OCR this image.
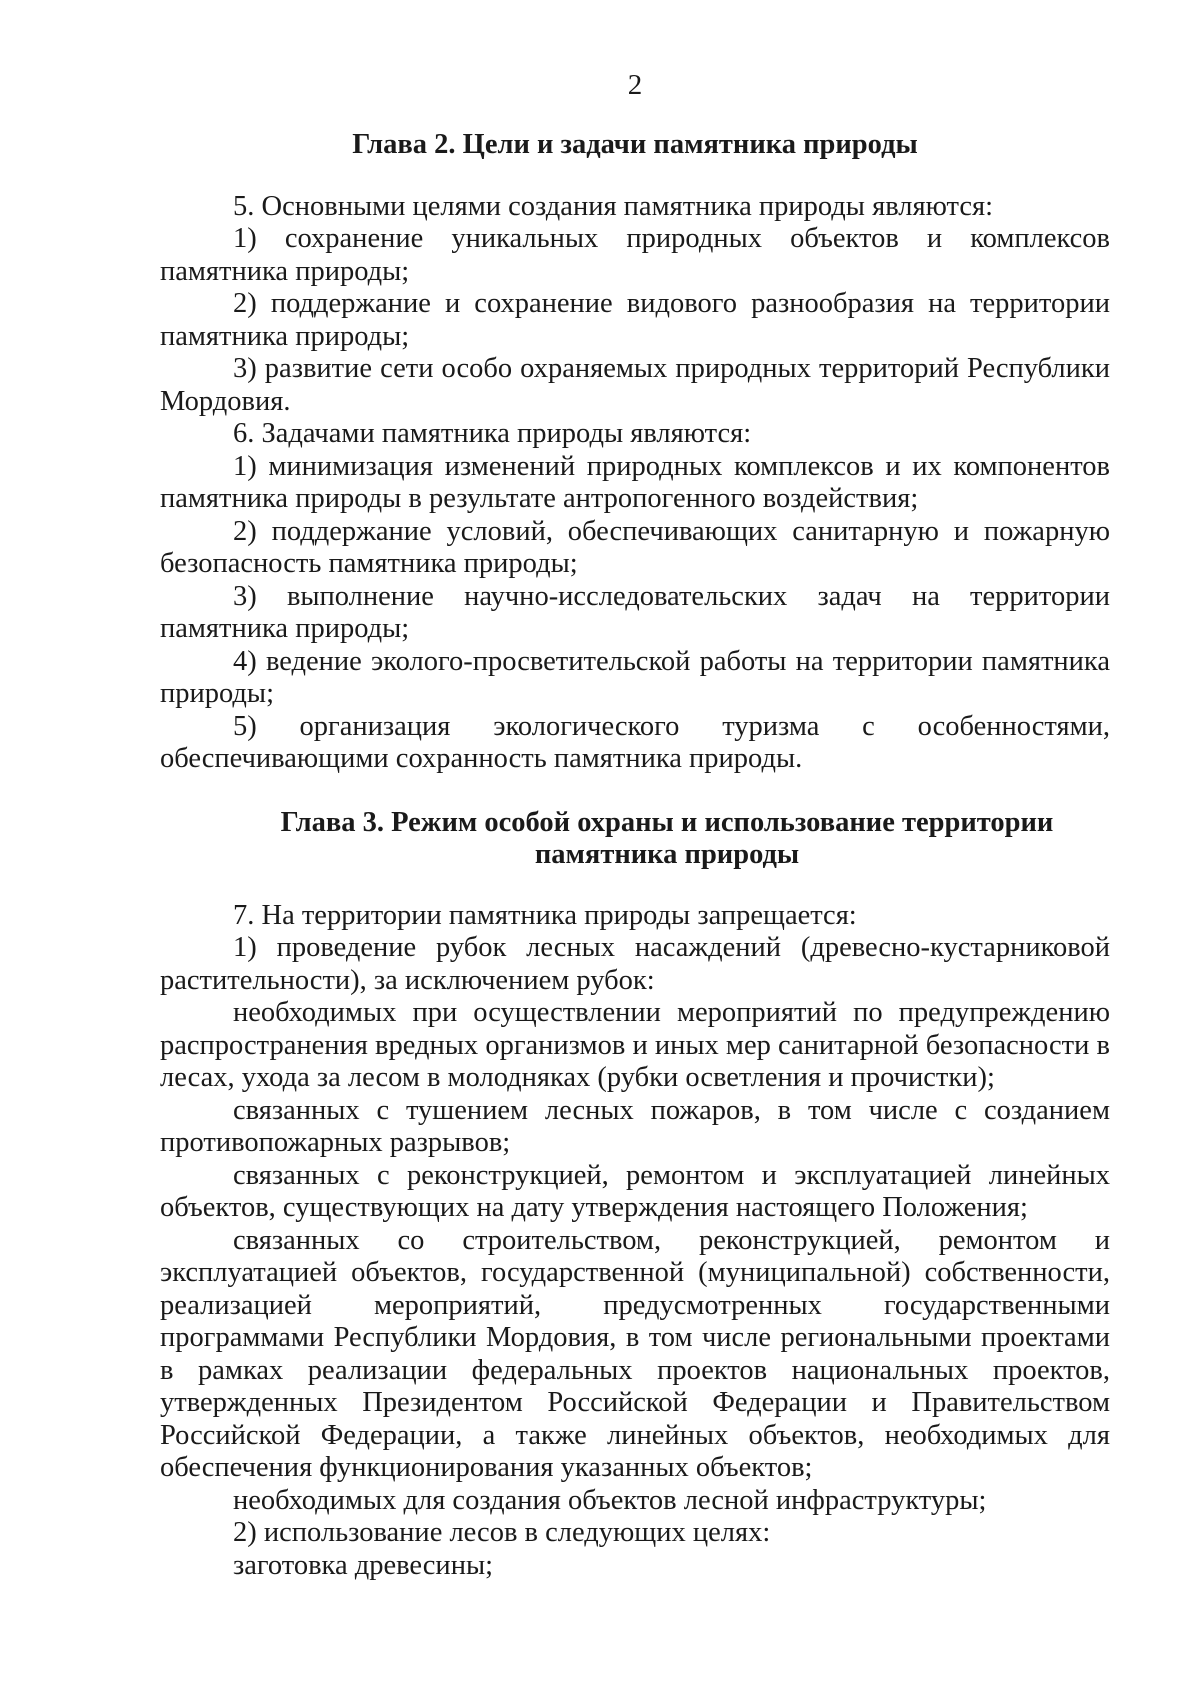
2
Глава 2. Цели и задачи памятника природы

5. Основными целями создания памятника природы являются:

1) сохранение уникальных природных объектов и комплексов памятника природы;

2) поддержание и сохранение видового разнообразия на территории памятника природы;

3) развитие сети особо охраняемых природных территорий Республики Мордовия.

6. Задачами памятника природы являются:

1) минимизация изменений природных комплексов и их компонентов памятника природы в результате антропогенного воздействия;

2) поддержание условий, обеспечивающих санитарную и пожарную безопасность памятника природы;

3) выполнение научно-исследовательских задач на территории памятника природы;

4) ведение эколого-просветительской работы на территории памятника природы;

5) организация экологического туризма с особенностями, обеспечивающими сохранность памятника природы.

Глава 3. Режим особой охраны и использование территории
памятника природы

7. На территории памятника природы запрещается:

1) проведение рубок лесных насаждений (древесно-кустарниковой растительности), за исключением рубок:

необходимых при осуществлении мероприятий по предупреждению распространения вредных организмов и иных мер санитарной безопасности в лесах, ухода за лесом в молодняках (рубки осветления и прочистки);

связанных с тушением лесных пожаров, в том числе с созданием противопожарных разрывов;

связанных с реконструкцией, ремонтом и эксплуатацией линейных объектов, существующих на дату утверждения настоящего Положения;

связанных со строительством, реконструкцией, ремонтом и эксплуатацией объектов, государственной (муниципальной) собственности, реализацией мероприятий, предусмотренных государственными программами Республики Мордовия, в том числе региональными проектами в рамках реализации федеральных проектов национальных проектов, утвержденных Президентом Российской Федерации и Правительством Российской Федерации, а также линейных объектов, необходимых для обеспечения функционирования указанных объектов;

необходимых для создания объектов лесной инфраструктуры;

2) использование лесов в следующих целях:

заготовка древесины;
